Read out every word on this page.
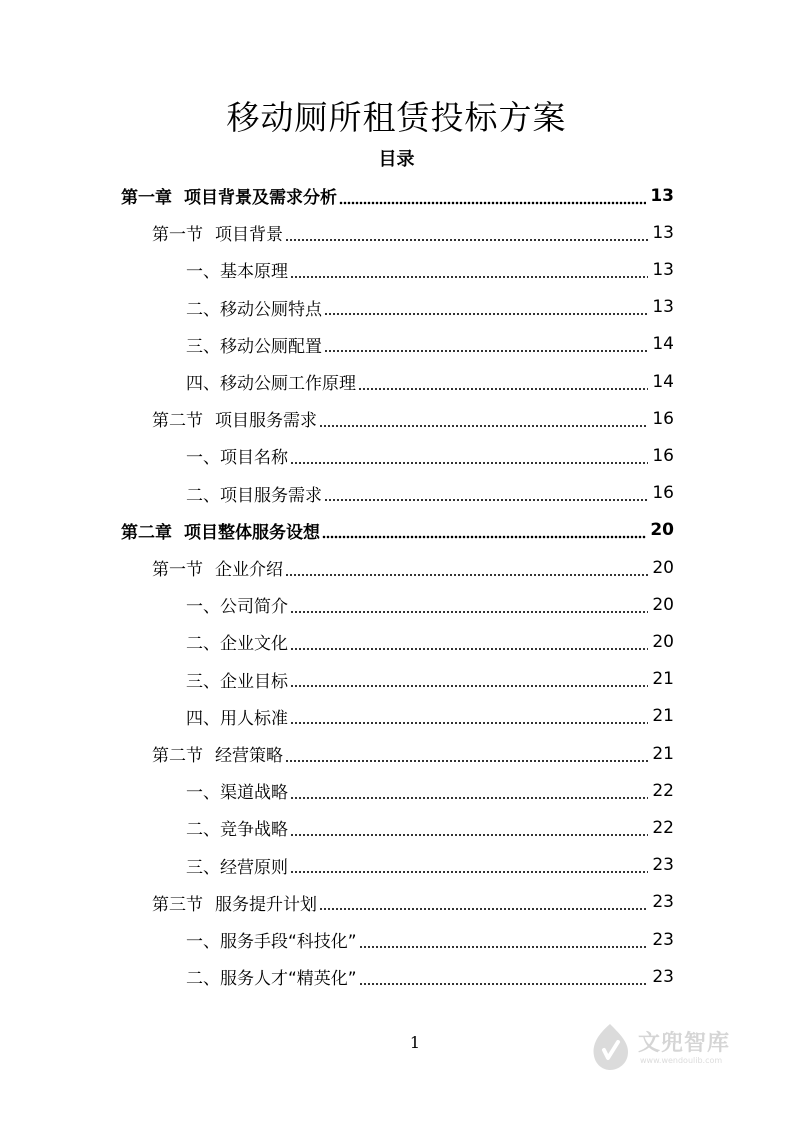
移动厕所租赁投标方案
目录
第一章 项目背景及需求分析	13
第一节 项目背景	13
一、基本原理	13
二、移动公厕特点	13
三、移动公厕配置	14
四、移动公厕工作原理	14
第二节 项目服务需求	16
一、项目名称	16
二、项目服务需求	16
第二章 项目整体服务设想	20
第一节 企业介绍	20
一、公司简介	20
二、企业文化	20
三、企业目标	21
四、用人标准	21
第二节 经营策略	21
一、渠道战略	22
二、竞争战略	22
三、经营原则	23
第三节 服务提升计划	23
一、服务手段“科技化”	23
二、服务人才“精英化”	23
1	文兜智库
www.wendoulib.com
